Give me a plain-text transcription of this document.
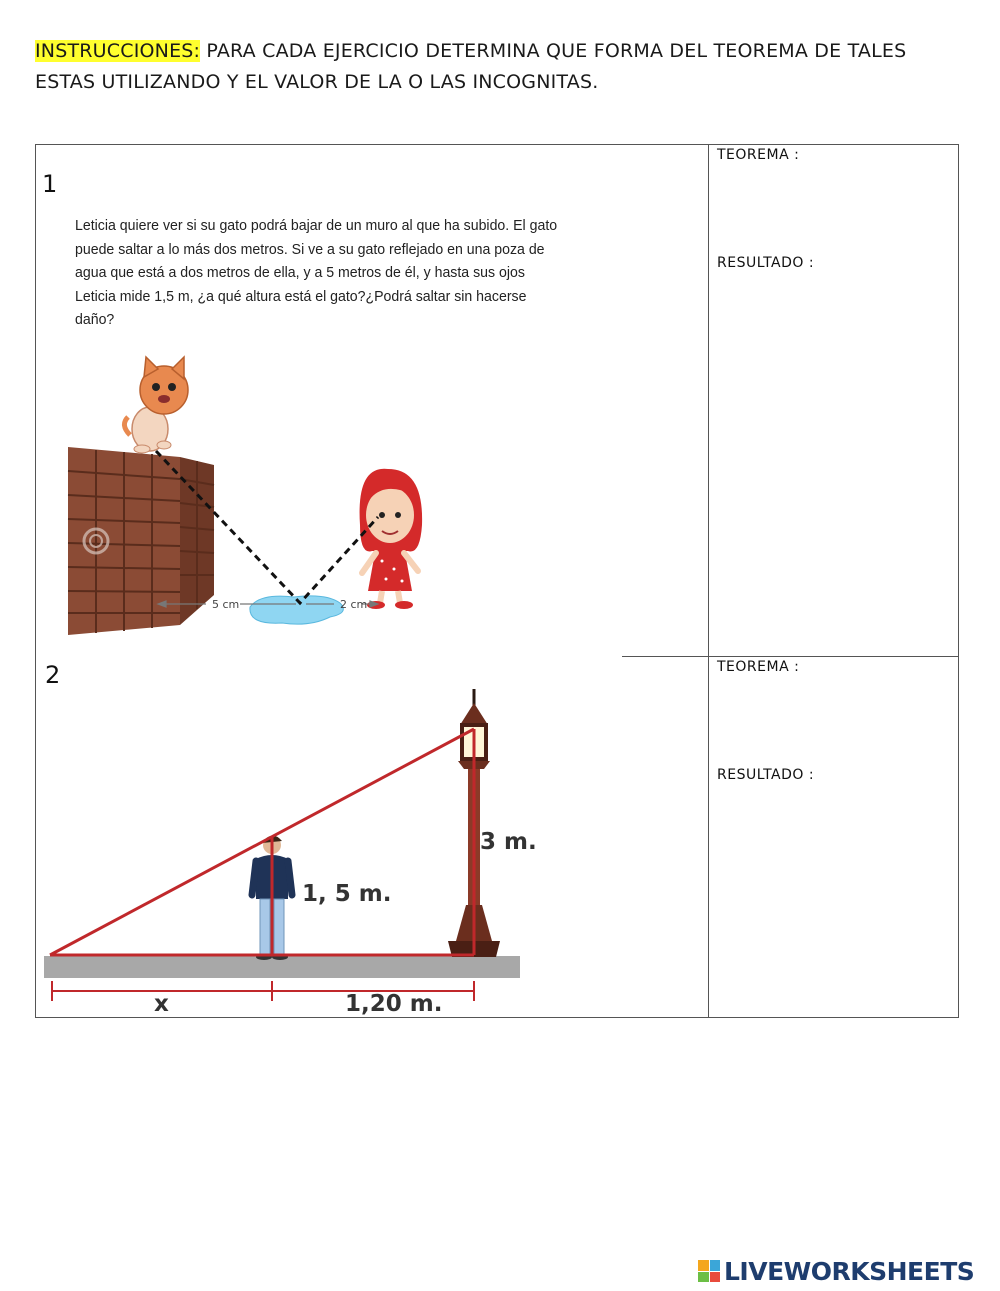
INSTRUCCIONES: PARA CADA EJERCICIO DETERMINA QUE FORMA DEL TEOREMA DE TALES ESTAS UTILIZANDO Y EL VALOR DE LA O LAS INCOGNITAS.
TEOREMA :
RESULTADO :
TEOREMA :
RESULTADO :
1
Leticia quiere ver si su gato podrá bajar de un muro al que ha subido. El gato puede saltar a lo más dos metros. Si ve a su gato reflejado en una poza de agua que está a dos metros de ella, y a 5 metros de él, y hasta sus ojos Leticia mide 1,5 m, ¿a qué altura está el gato?¿Podrá saltar sin hacerse daño?
5 cm	2 cm
2
3 m.
1, 5 m.
x	1,20 m.
LIVEWORKSHEETS
